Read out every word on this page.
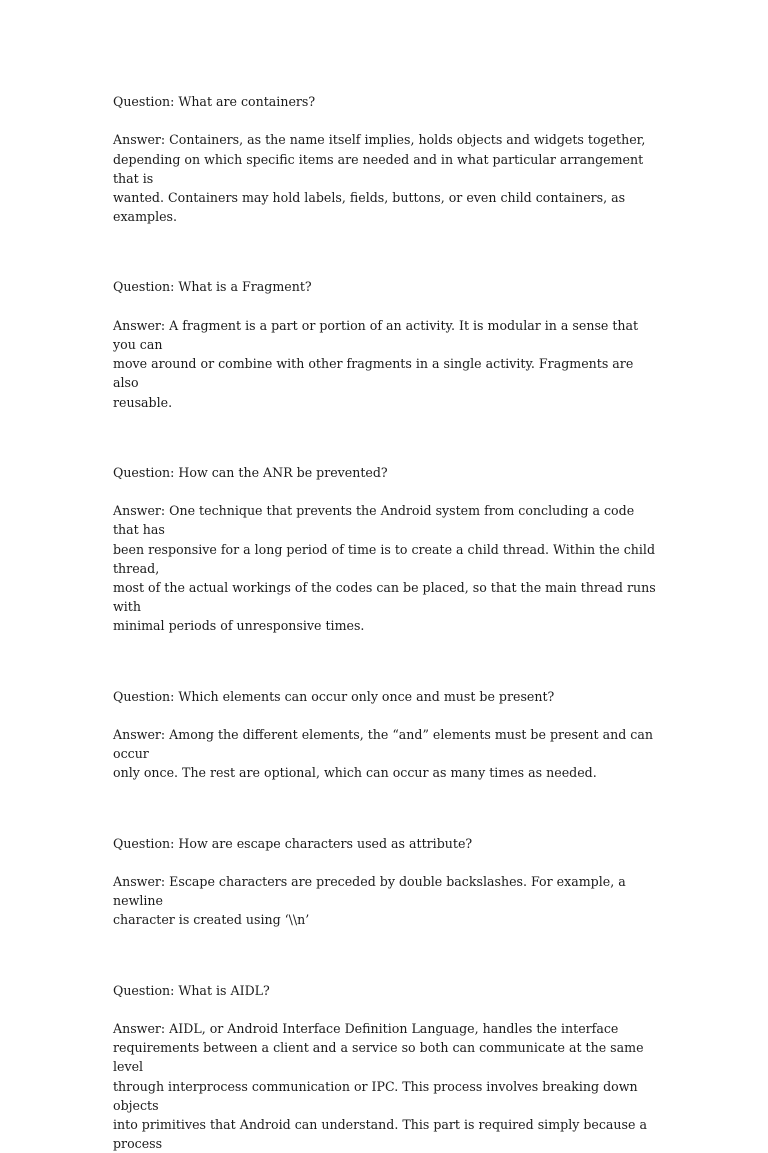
Question: What are containers?

Answer: Containers, as the name itself implies, holds objects and widgets together,
depending on which specific items are needed and in what particular arrangement that is
wanted. Containers may hold labels, fields, buttons, or even child containers, as examples.

Question: What is a Fragment?

Answer: A fragment is a part or portion of an activity. It is modular in a sense that you can
move around or combine with other fragments in a single activity. Fragments are also
reusable.

Question: How can the ANR be prevented?

Answer: One technique that prevents the Android system from concluding a code that has
been responsive for a long period of time is to create a child thread. Within the child thread,
most of the actual workings of the codes can be placed, so that the main thread runs with
minimal periods of unresponsive times.

Question: Which elements can occur only once and must be present?

Answer: Among the different elements, the “and” elements must be present and can occur
only once. The rest are optional, which can occur as many times as needed.

Question: How are escape characters used as attribute?

Answer: Escape characters are preceded by double backslashes. For example, a newline
character is created using ‘\\n’

Question: What is AIDL?

Answer: AIDL, or Android Interface Definition Language, handles the interface
requirements between a client and a service so both can communicate at the same level
through interprocess communication or IPC. This process involves breaking down objects
into primitives that Android can understand. This part is required simply because a process
